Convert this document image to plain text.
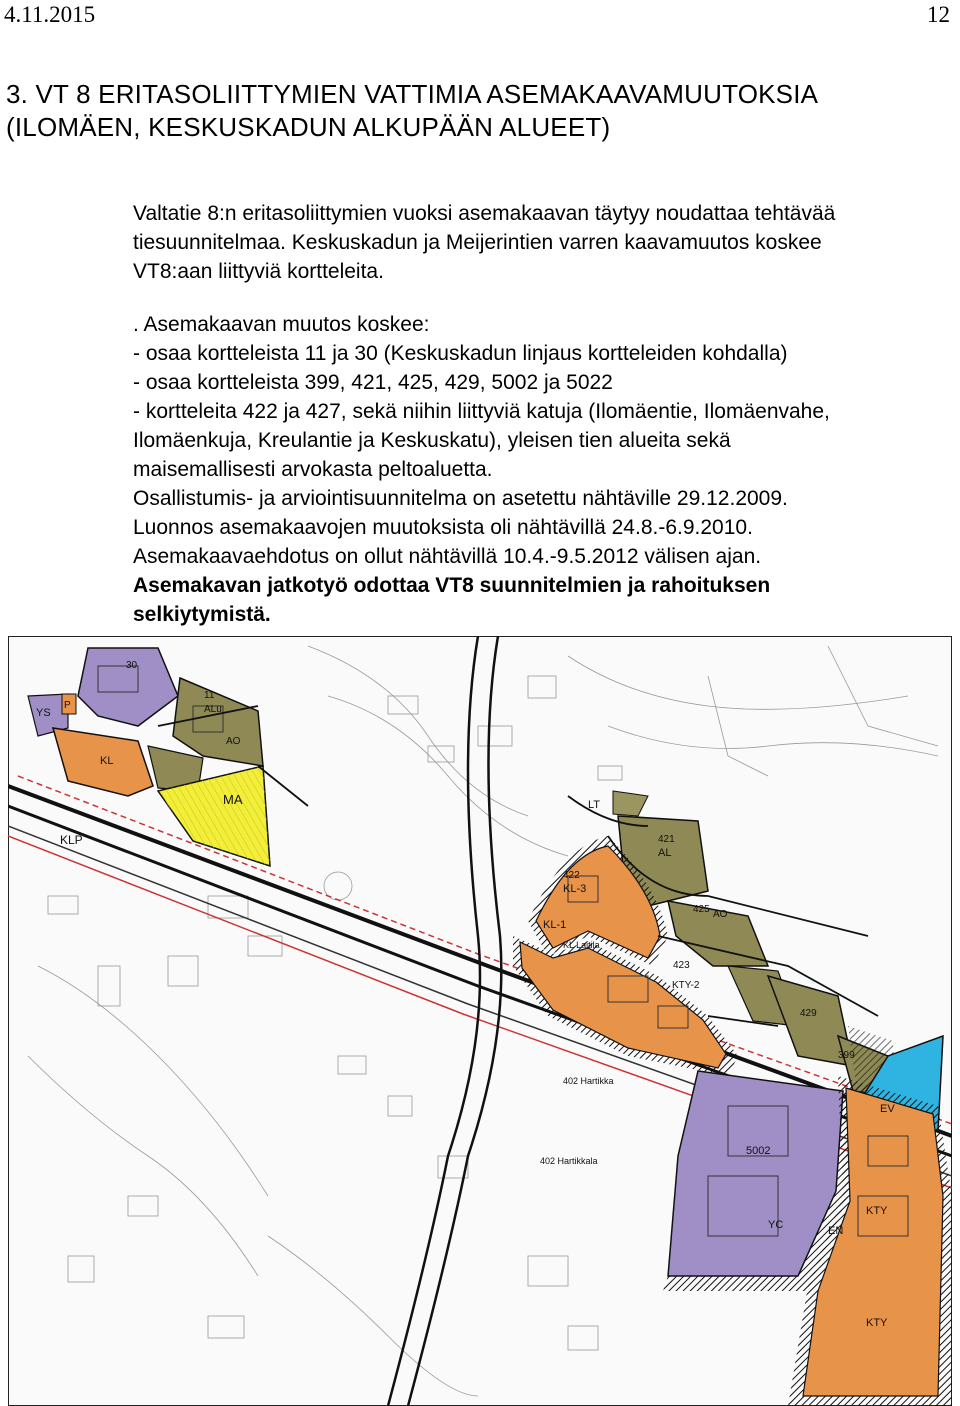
4.11.2015	12
3. VT 8 ERITASOLIITTYMIEN VATTIMIA ASEMAKAAVAMUUTOKSIA
(ILOMÄEN, KESKUSKADUN ALKUPÄÄN ALUEET)

Valtatie 8:n eritasoliittymien vuoksi asemakaavan täytyy noudattaa tehtävää

tiesuunnitelmaa. Keskuskadun ja Meijerintien varren kaavamuutos koskee

VT8:aan liittyviä kortteleita.

. Asemakaavan muutos koskee:

- osaa kortteleista 11 ja 30 (Keskuskadun linjaus kortteleiden kohdalla)

- osaa kortteleista 399, 421, 425, 429, 5002 ja 5022

- kortteleita 422 ja 427, sekä niihin liittyviä katuja (Ilomäentie, Ilomäenvahe,

Ilomäenkuja, Kreulantie ja Keskuskatu), yleisen tien alueita sekä

maisemallisesti arvokasta peltoaluetta.

Osallistumis- ja arviointisuunnitelma on asetettu nähtäville 29.12.2009.

Luonnos asemakaavojen muutoksista oli nähtävillä 24.8.-6.9.2010.

Asemakaavaehdotus on ollut nähtävillä 10.4.-9.5.2012 välisen ajan.

Asemakavan jatkotyö odottaa VT8 suunnitelmien ja rahoituksen

selkiytymistä.

MA
KLP
YS
P
KL
30
11
ALu
AO
LT
421
AL
422
KL-3
KL-1
KL Laitila
425 AO
423
KTY-2
429
399
EV
5002
YC	EN
KTY
KTY
402 Hartikka
402 Hartikkala
